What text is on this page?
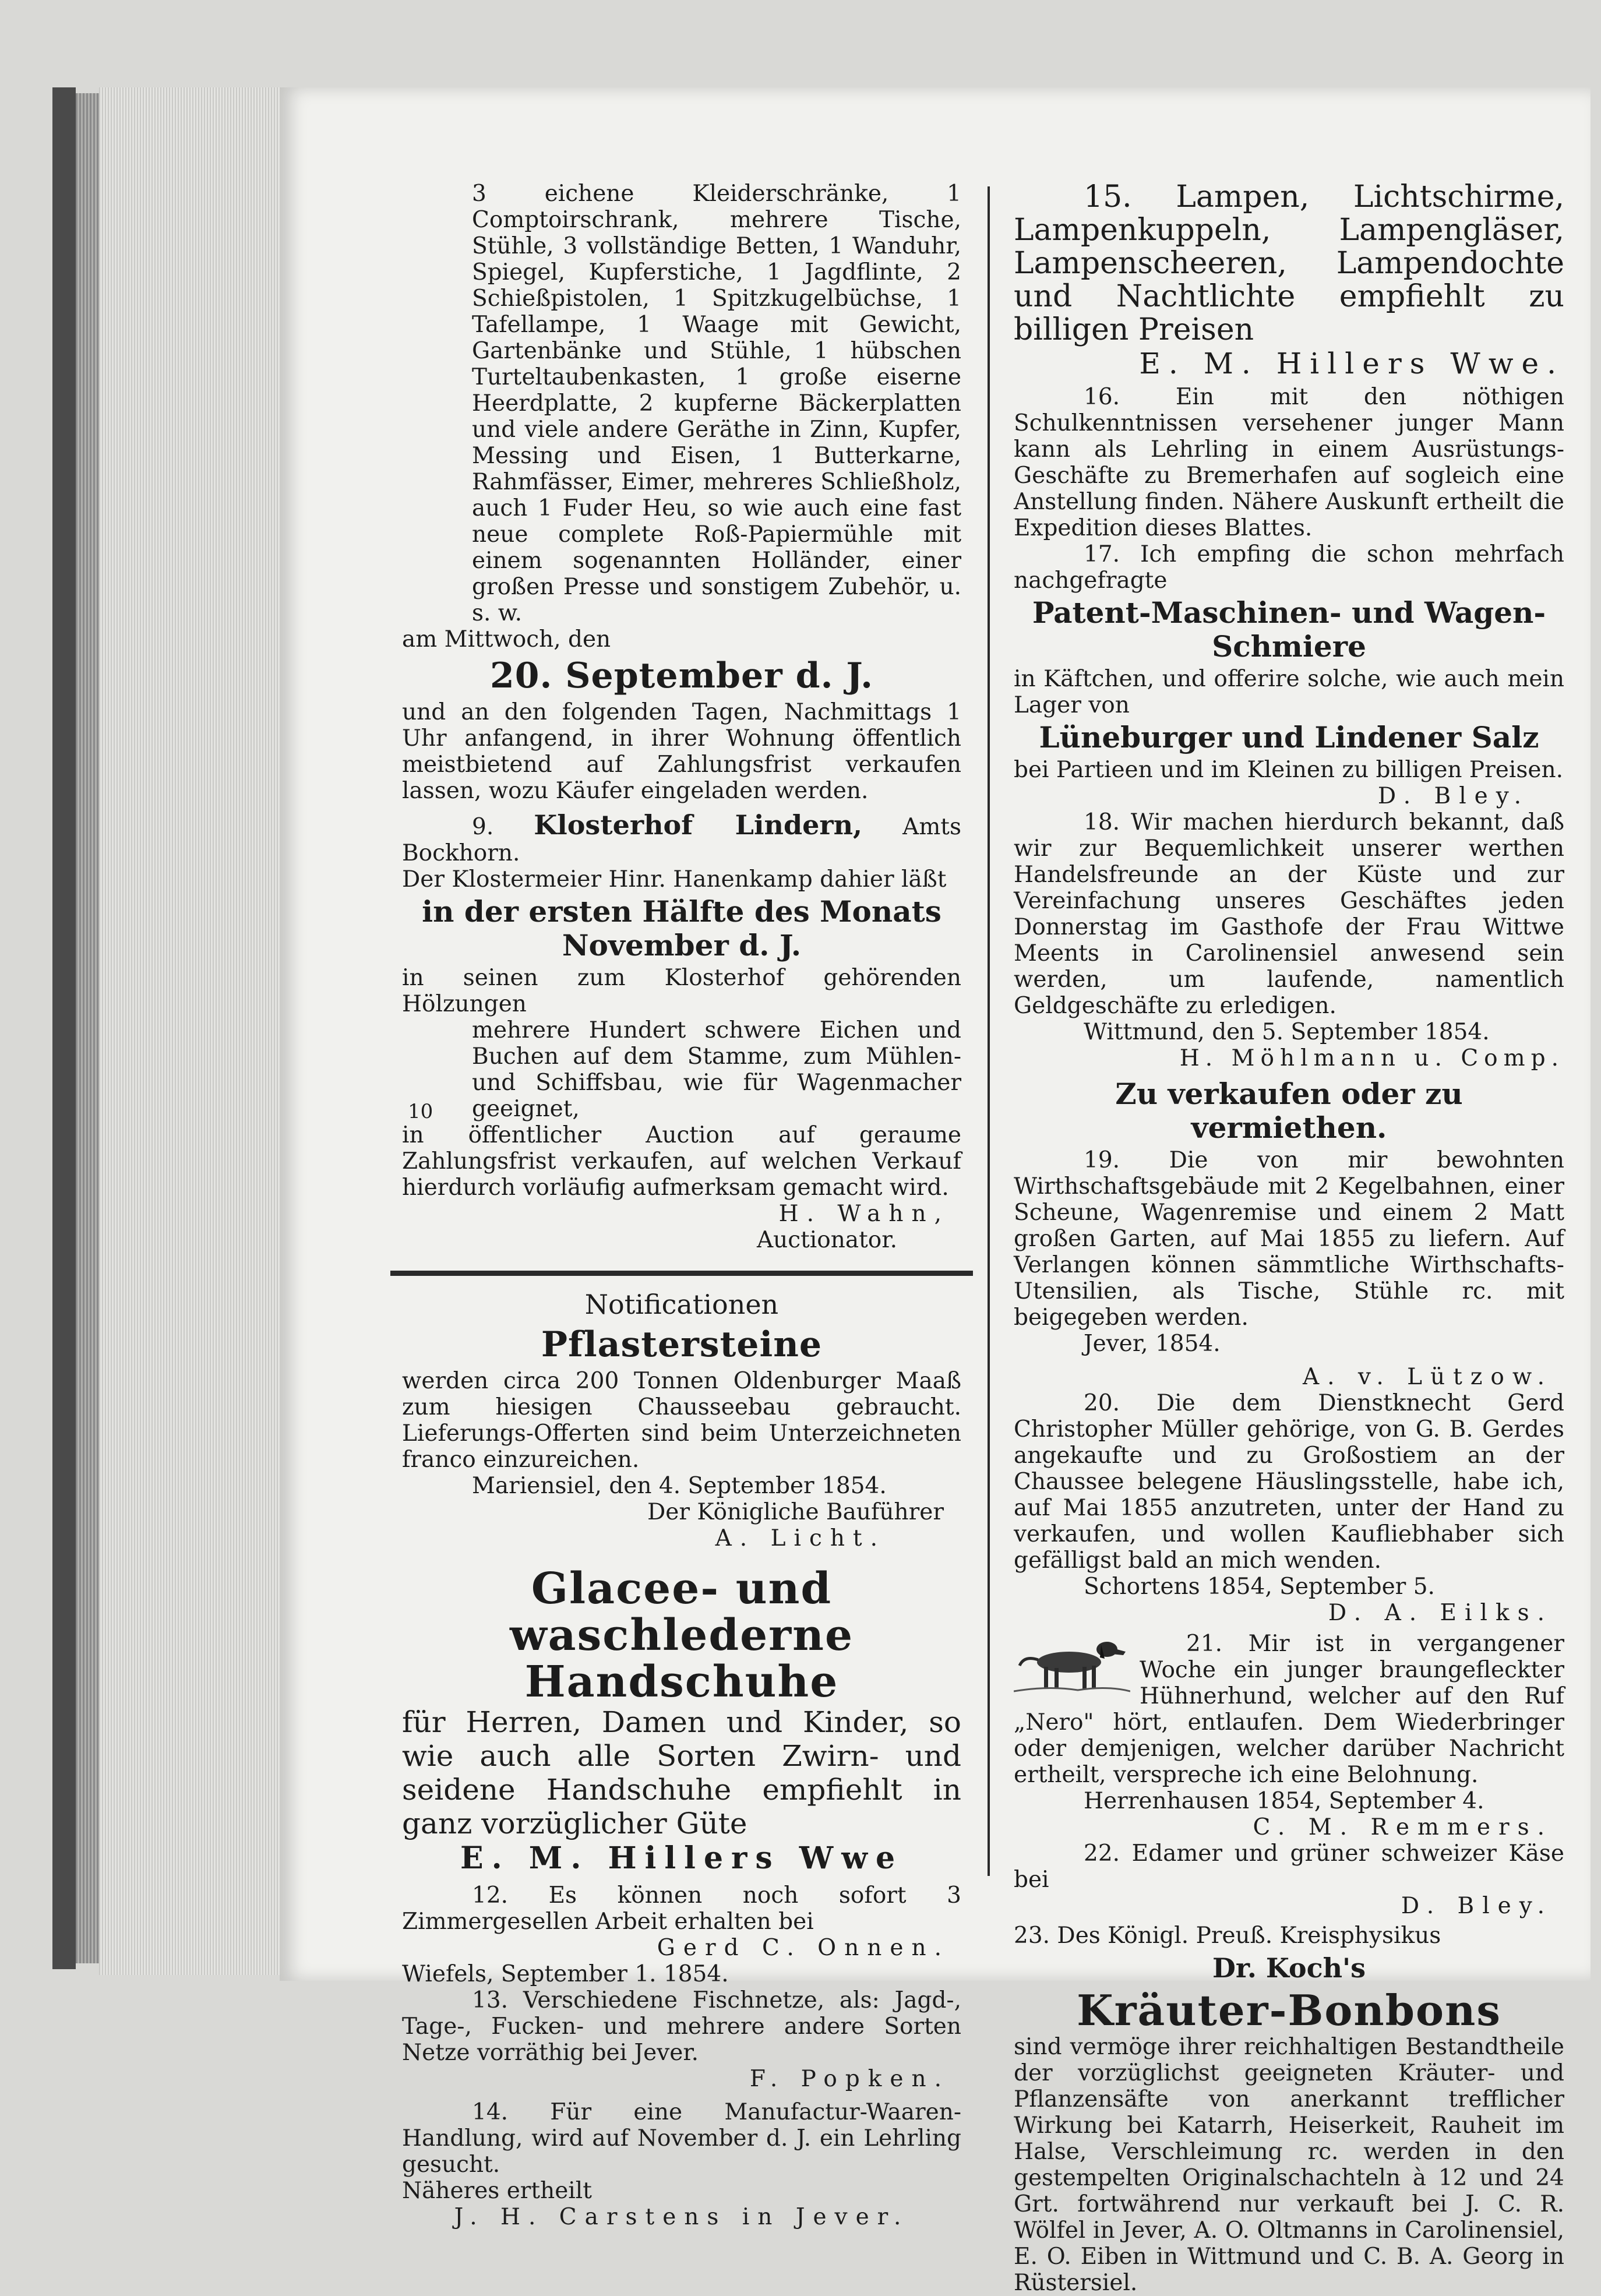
10

3 eichene Kleiderschränke, 1 Comptoirschrank, mehrere Tische, Stühle, 3 vollständige Betten, 1 Wanduhr, Spiegel, Kupferstiche, 1 Jagdflinte, 2 Schießpistolen, 1 Spitzkugelbüchse, 1 Tafellampe, 1 Waage mit Gewicht, Gartenbänke und Stühle, 1 hübschen Turteltaubenkasten, 1 große eiserne Heerdplatte, 2 kupferne Bäckerplatten und viele andere Geräthe in Zinn, Kupfer, Messing und Eisen, 1 Butterkarne, Rahmfässer, Eimer, mehreres Schließholz, auch 1 Fuder Heu, so wie auch eine fast neue complete Roß-Papiermühle mit einem sogenannten Holländer, einer großen Presse und sonstigem Zubehör, u. s. w.

am Mittwoch, den

20. September d. J.

und an den folgenden Tagen, Nachmittags 1 Uhr anfangend, in ihrer Wohnung öffentlich meistbietend auf Zahlungsfrist verkaufen lassen, wozu Käufer eingeladen werden.

9. Klosterhof Lindern, Amts Bockhorn.

Der Klostermeier Hinr. Hanenkamp dahier läßt

in der ersten Hälfte des Monats November d. J.

in seinen zum Klosterhof gehörenden Hölzungen

mehrere Hundert schwere Eichen und Buchen auf dem Stamme, zum Mühlen- und Schiffsbau, wie für Wagenmacher geeignet,

in öffentlicher Auction auf geraume Zahlungsfrist verkaufen, auf welchen Verkauf hierdurch vorläufig aufmerksam gemacht wird.

H. Wahn,

Auctionator.

Notificationen

Pflastersteine

werden circa 200 Tonnen Oldenburger Maaß zum hiesigen Chausseebau gebraucht. Lieferungs-Offerten sind beim Unterzeichneten franco einzureichen.

Mariensiel, den 4. September 1854.

Der Königliche Bauführer

A. Licht.

Glacee- und waschlederne Handschuhe

für Herren, Damen und Kinder, so wie auch alle Sorten Zwirn- und seidene Handschuhe empfiehlt in ganz vorzüglicher Güte

E. M. Hillers Wwe

12. Es können noch sofort 3 Zimmergesellen Arbeit erhalten bei

Gerd C. Onnen.

Wiefels, September 1. 1854.

13. Verschiedene Fischnetze, als: Jagd-, Tage-, Fucken- und mehrere andere Sorten Netze vorräthig bei Jever.

F. Popken.

14. Für eine Manufactur-Waaren-Handlung, wird auf November d. J. ein Lehrling gesucht.

Näheres ertheilt

J. H. Carstens in Jever.

15. Lampen, Lichtschirme, Lampenkuppeln, Lampengläser, Lampenscheeren, Lampendochte und Nachtlichte empfiehlt zu billigen Preisen

E. M. Hillers Wwe.

16. Ein mit den nöthigen Schulkenntnissen versehener junger Mann kann als Lehrling in einem Ausrüstungs-Geschäfte zu Bremerhafen auf sogleich eine Anstellung finden. Nähere Auskunft ertheilt die Expedition dieses Blattes.

17. Ich empfing die schon mehrfach nachgefragte

Patent-Maschinen- und Wagen-Schmiere

in Käftchen, und offerire solche, wie auch mein Lager von

Lüneburger und Lindener Salz

bei Partieen und im Kleinen zu billigen Preisen.

D. Bley.

18. Wir machen hierdurch bekannt, daß wir zur Bequemlichkeit unserer werthen Handelsfreunde an der Küste und zur Vereinfachung unseres Geschäftes jeden Donnerstag im Gasthofe der Frau Wittwe Meents in Carolinensiel anwesend sein werden, um laufende, namentlich Geldgeschäfte zu erledigen.

Wittmund, den 5. September 1854.

H. Möhlmann u. Comp.

Zu verkaufen oder zu vermiethen.

19. Die von mir bewohnten Wirthschaftsgebäude mit 2 Kegelbahnen, einer Scheune, Wagenremise und einem 2 Matt großen Garten, auf Mai 1855 zu liefern. Auf Verlangen können sämmtliche Wirthschafts-Utensilien, als Tische, Stühle rc. mit beigegeben werden.

Jever, 1854.

A. v. Lützow.

20. Die dem Dienstknecht Gerd Christopher Müller gehörige, von G. B. Gerdes angekaufte und zu Großostiem an der Chaussee belegene Häuslingsstelle, habe ich, auf Mai 1855 anzutreten, unter der Hand zu verkaufen, und wollen Kaufliebhaber sich gefälligst bald an mich wenden.

Schortens 1854, September 5.

D. A. Eilks.

21. Mir ist in vergangener Woche ein junger braungefleckter Hühnerhund, welcher auf den Ruf „Nero" hört, entlaufen. Dem Wiederbringer oder demjenigen, welcher darüber Nachricht ertheilt, verspreche ich eine Belohnung.

Herrenhausen 1854, September 4.

C. M. Remmers.

22. Edamer und grüner schweizer Käse bei

D. Bley.

23. Des Königl. Preuß. Kreisphysikus

Dr. Koch's

Kräuter-Bonbons

sind vermöge ihrer reichhaltigen Bestandtheile der vorzüglichst geeigneten Kräuter- und Pflanzensäfte von anerkannt trefflicher Wirkung bei Katarrh, Heiserkeit, Rauheit im Halse, Verschleimung rc. werden in den gestempelten Originalschachteln à 12 und 24 Grt. fortwährend nur verkauft bei J. C. R. Wölfel in Jever, A. O. Oltmanns in Carolinensiel, E. O. Eiben in Wittmund und C. B. A. Georg in Rüstersiel.
